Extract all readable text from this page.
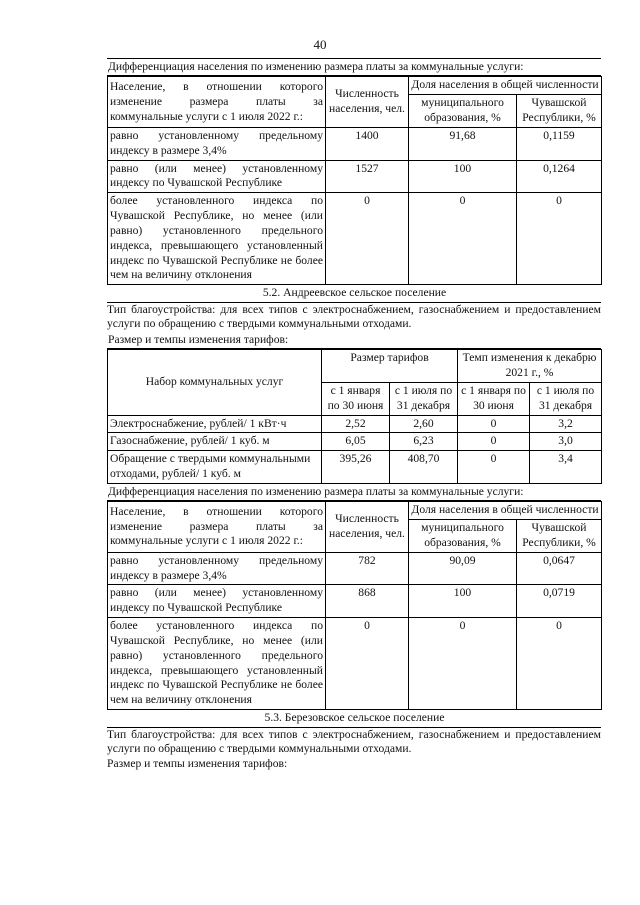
40
Дифференциация населения по изменению размера платы за коммунальные услуги:
Население, в отношении которого изменение размера платы за коммунальные услуги с 1 июля 2022 г.:	Численность населения, чел.	Доля населения в общей численности	
		муниципального образования, %	Чувашской Республики, %
равно установленному предельному индексу в размере 3,4%	1400	91,68	0,1159
равно (или менее) установленному индексу по Чувашской Республике	1527	100	0,1264
более установленного индекса по Чувашской Республике, но менее (или равно) установленного предельного индекса, превышающего установленный индекс по Чувашской Республике не более чем на величину отклонения	0	0	0
5.2. Андреевское сельское поселение
Тип благоустройства: для всех типов с электроснабжением, газоснабжением и предоставлением услуги по обращению с твердыми коммунальными отходами.
Размер и темпы изменения тарифов:
Набор коммунальных услуг	Размер тарифов		Темп изменения к декабрю 2021 г., %	
	с 1 января по 30 июня	с 1 июля по 31 декабря	с 1 января по 30 июня	с 1 июля по 31 декабря
Электроснабжение, рублей/ 1 кВт·ч	2,52	2,60	0	3,2
Газоснабжение, рублей/ 1 куб. м	6,05	6,23	0	3,0
Обращение с твердыми коммунальными отходами, рублей/ 1 куб. м	395,26	408,70	0	3,4
Дифференциация населения по изменению размера платы за коммунальные услуги:
Население, в отношении которого изменение размера платы за коммунальные услуги с 1 июля 2022 г.:	Численность населения, чел.	Доля населения в общей численности	
		муниципального образования, %	Чувашской Республики, %
равно установленному предельному индексу в размере 3,4%	782	90,09	0,0647
равно (или менее) установленному индексу по Чувашской Республике	868	100	0,0719
более установленного индекса по Чувашской Республике, но менее (или равно) установленного предельного индекса, превышающего установленный индекс по Чувашской Республике не более чем на величину отклонения	0	0	0
5.3. Березовское сельское поселение
Тип благоустройства: для всех типов с электроснабжением, газоснабжением и предоставлением услуги по обращению с твердыми коммунальными отходами.
Размер и темпы изменения тарифов:
